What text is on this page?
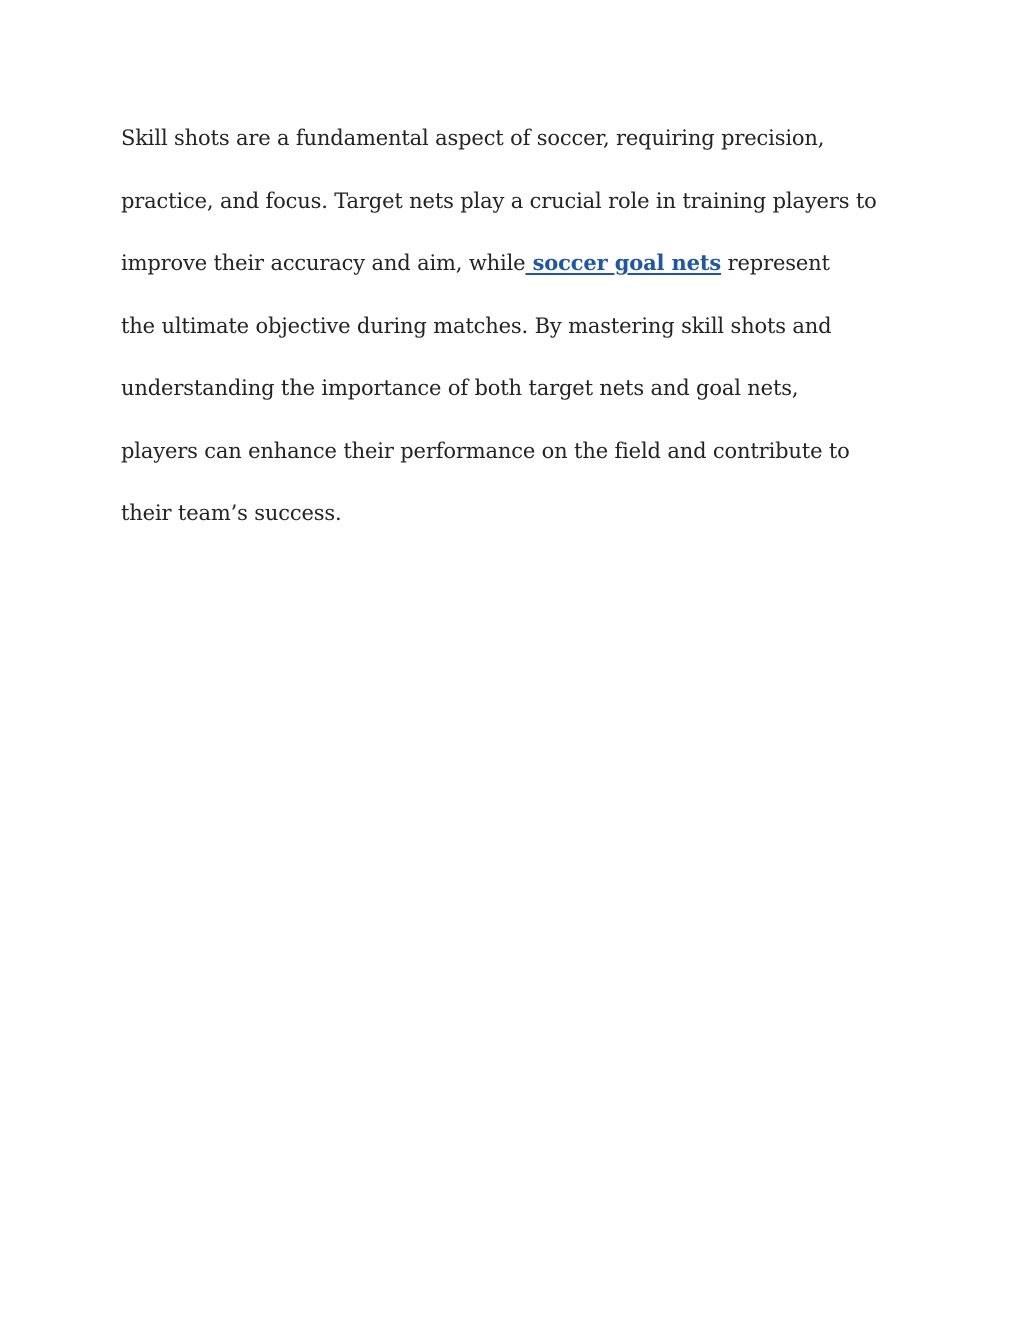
Skill shots are a fundamental aspect of soccer, requiring precision,
practice, and focus. Target nets play a crucial role in training players to
improve their accuracy and aim, while soccer goal nets represent
the ultimate objective during matches. By mastering skill shots and
understanding the importance of both target nets and goal nets,
players can enhance their performance on the field and contribute to
their team’s success.
